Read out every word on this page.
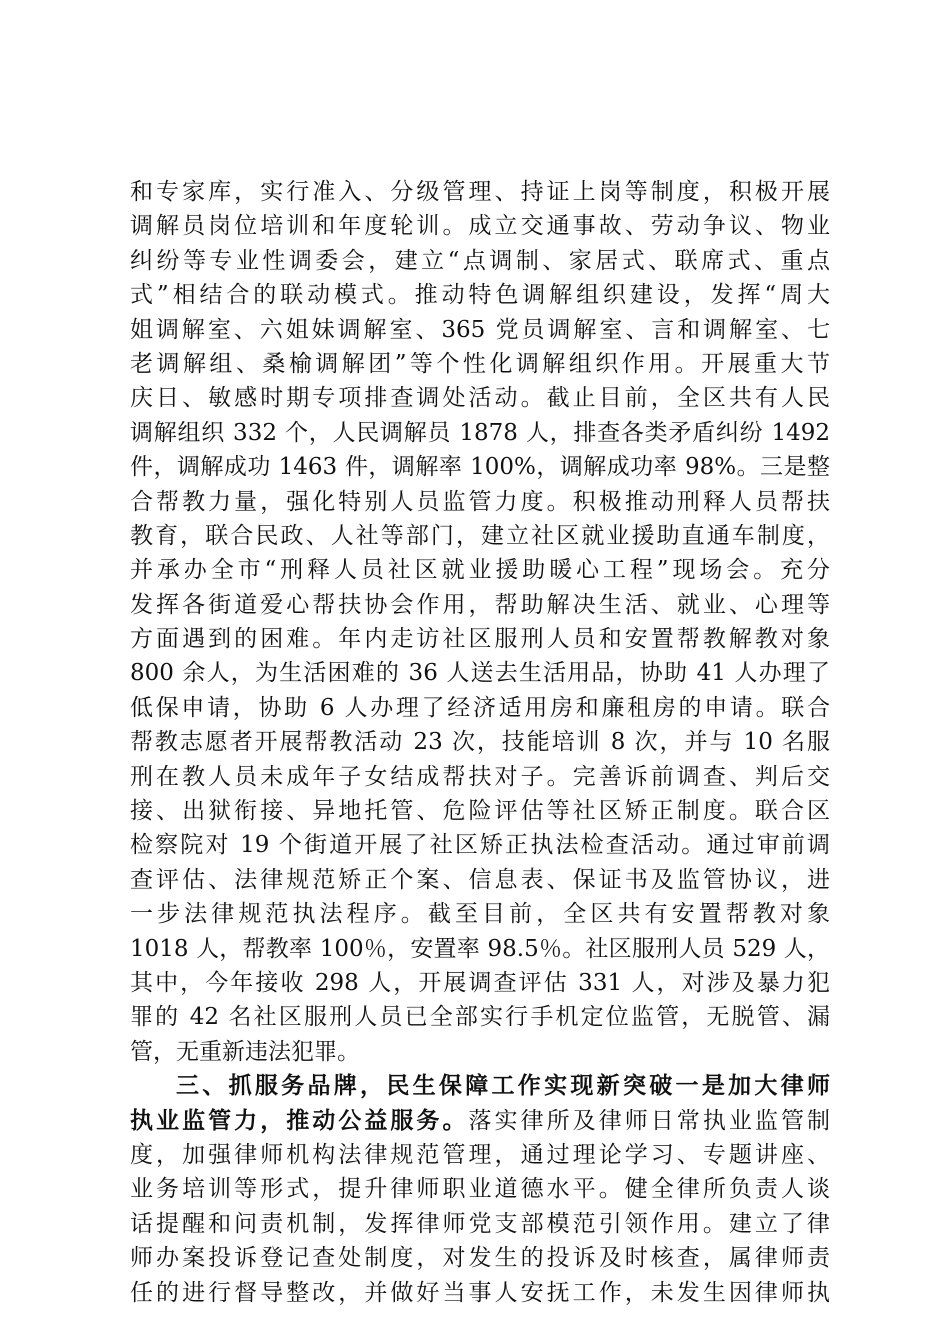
和专家库，实行准入、分级管理、持证上岗等制度，积极开展
调解员岗位培训和年度轮训。成立交通事故、劳动争议、物业
纠纷等专业性调委会，建立“点调制、家居式、联席式、重点
式”相结合的联动模式。推动特色调解组织建设，发挥“周大
姐调解室、六姐妹调解室、365 党员调解室、言和调解室、七
老调解组、桑榆调解团”等个性化调解组织作用。开展重大节
庆日、敏感时期专项排查调处活动。截止目前，全区共有人民
调解组织 332 个，人民调解员 1878 人，排查各类矛盾纠纷 1492
件，调解成功 1463 件，调解率 100%，调解成功率 98%。三是整
合帮教力量，强化特别人员监管力度。积极推动刑释人员帮扶
教育，联合民政、人社等部门，建立社区就业援助直通车制度，
并承办全市“刑释人员社区就业援助暖心工程”现场会。充分
发挥各街道爱心帮扶协会作用，帮助解决生活、就业、心理等
方面遇到的困难。年内走访社区服刑人员和安置帮教解教对象
800 余人，为生活困难的 36 人送去生活用品，协助 41 人办理了
低保申请，协助 6 人办理了经济适用房和廉租房的申请。联合
帮教志愿者开展帮教活动 23 次，技能培训 8 次，并与 10 名服
刑在教人员未成年子女结成帮扶对子。完善诉前调查、判后交
接、出狱衔接、异地托管、危险评估等社区矫正制度。联合区
检察院对 19 个街道开展了社区矫正执法检查活动。通过审前调
查评估、法律规范矫正个案、信息表、保证书及监管协议，进
一步法律规范执法程序。截至目前，全区共有安置帮教对象
1018 人，帮教率 100％，安置率 98.5％。社区服刑人员 529 人，
其中，今年接收 298 人，开展调查评估 331 人，对涉及暴力犯
罪的 42 名社区服刑人员已全部实行手机定位监管，无脱管、漏
管，无重新违法犯罪。
三、抓服务品牌，民生保障工作实现新突破一是加大律师
执业监管力，推动公益服务。落实律所及律师日常执业监管制
度，加强律师机构法律规范管理，通过理论学习、专题讲座、
业务培训等形式，提升律师职业道德水平。健全律所负责人谈
话提醒和问责机制，发挥律师党支部模范引领作用。建立了律
师办案投诉登记查处制度，对发生的投诉及时核查，属律师责
任的进行督导整改，并做好当事人安抚工作，未发生因律师执
